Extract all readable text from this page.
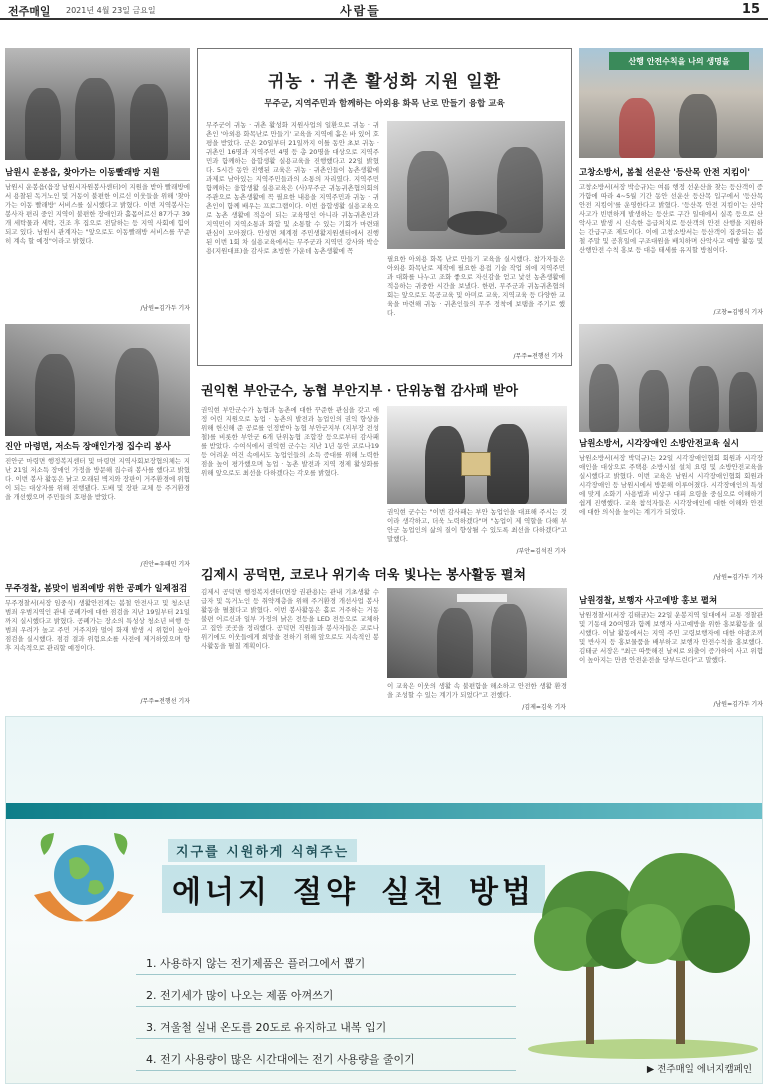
전주매일 2021년 4월 23일 금요일	사람들	15
남원시 운봉읍, 찾아가는 이동빨래방 지원
남원시 운봉읍(읍장 남원시자원봉사센터)이 지원을 받아 빨래방에서 용찰된 독거노인 및 거동이 불편한 이르신 이웃들을 위해 '찾아가는 이동 빨래방' 서비스를 실시했다고 밝혔다. 이번 지역봉사는 봉사자 편리 중인 지역이 불편한 장애인과 홀몸어르신 87가구 39개 세탁물과 세탁, 건조 후 집으로 전달하는 등 지역 사회에 힘이 되고 있다. 남원시 관계자는 "앞으로도 이동빨래방 서비스를 꾸준히 계속 할 예정"이라고 밝혔다.
/남원=김가두 기자
진안 마령면, 저소득 장애인가정 집수리 봉사
진안군 마령면 행정복지센터 및 마령면 지역사회보장협의체는 지난 21일 저소득 장애인 가정을 방문해 집수리 봉사를 했다고 밝혔다. 이번 봉사 활동은 낡고 오래된 벽지와 장판이 거주환경에 위협이 되는 대상자를 위해 진행됐다. 도배 및 장판 교체 등 주거환경을 개선했으며 주민들의 호평을 받았다.
/진안=우태민 기자
무주경찰, 봄맞이 범죄예방 위한 공폐가 일제점검
무주경찰서(서장 임중식) 생활안전계는 봄철 안전사고 및 청소년 범죄 우범지역인 관내 공폐가에 대한 점검을 지난 19일부터 21일까지 실시했다고 밝혔다. 공폐가는 장소의 특성상 청소년 비행 등 범죄 우려가 높고 주민 거주지와 멀어 화재 발생 시 위험이 높아 점검을 실시했다. 점검 결과 위험요소를 사전에 제거하였으며 향후 지속적으로 관리할 예정이다.
/무주=전행선 기자
귀농 · 귀촌 활성화 지원 일환
무주군, 지역주민과 함께하는 아외용 화목 난로 만들기 융합 교육
무주군이 귀농 · 귀촌 활성화 지원사업의 일환으로 귀농 · 귀촌인 '아외용 화목난로 만들기' 교육을 지역에 흩은 바 있어 호평을 받았다. 군은 20일부터 21일까지 이틀 동안 초보 귀농 · 귀촌인 16명과 지역주민 4명 등 총 20명을 대상으로 지역주민과 함께하는 융합생활 실용교육을 진행했다고 22일 밝혔다. 5시간 동안 진행된 교육은 귀농 · 귀촌인들이 농촌생활에 과제로 남아있는 지역주민들과의 소통의 자리였다. 지역주민 함께하는 융합생활 실용교육은 (사)무주군 귀농귀촌협의회의 주관으로 농촌생활에 꼭 필요한 내용을 지역주민과 귀농 · 귀촌인이 함께 배우는 프로그램이다. 이번 융합생활 실용교육으로 농촌 생활에 적응이 되는 교육명인 아니라 귀농귀촌인과 지역민이 지역소통과 화합 및 소통할 수 있는 기회가 마련돼 관심이 모아졌다. 안성면 체계점 주민생활지원센터에서 진행된 이번 1회 차 실용교육에서는 무주군과 지역민 강사와 박승용(지원대표)을 감사로 초빙한 가운데 농촌생활에 꼭
필요한 아외용 화목 난로 만들기 교육을 실시했다. 참가자들은 아외용 화목난로 제작에 필요한 용접 기술 작업 외에 지역주민과 대화를 나누고 조화 좋으로 자신감을 얻고 낯선 농촌생활에 적응하는 귀중한 시간을 보냈다. 한편, 무주군과 귀농귀촌협의회는 앞으로도 목공교육 및 아미로 교육, 지역교육 등 다양한 교육을 마련해 귀농 · 귀촌인들의 무주 정착에 보탬을 주기로 했다.
/무주=전행선 기자
권익현 부안군수, 농협 부안지부 · 단위농협 감사패 받아
권익현 부안군수가 농협과 농촌에 대한 꾸준한 관심을 갖고 애정 어린 지원으로 농업 · 농촌의 발전과 농업인의 권익 향상을 위해 헌신해 준 공로를 인정받아 농협 부안군지부 (지부장 전성철)를 비롯한 부안군 6개 단위농협 조합장 등으로부터 감사패를 받았다. 수여식에서 권익현 군수는 지난 1년 동안 코로나19 등 어려운 여건 속에서도 농업인들의 소득 증대를 위해 노력한 점을 높이 평가했으며 농업 · 농촌 발전과 지역 경제 활성화를 위해 앞으로도 최선을 다하겠다는 각오를 밝혔다.
권익현 군수는 "이번 감사패는 부안 농업인을 대표해 주시는 것이라 생각하고, 더욱 노력하겠다"며 "농업이 제 역할을 다해 부안군 농업인의 삶의 질이 향상될 수 있도록 최선을 다하겠다"고 말했다.
/부안=김석진 기자
김제시 공덕면, 코로나 위기속 더욱 빛나는 봉사활동 펼쳐
김제시 공덕면 행정복지센터(면장 권관용)는 관내 기초생활 수급자 및 독거노인 등 취약계층을 위해 주거환경 개선사업 봉사활동을 펼쳤다고 밝혔다. 이번 봉사활동은 홀로 거주하는 거동 불편 어르신과 일부 가정의 낡은 전등을 LED 전등으로 교체하고 집안 곳곳을 정리했다. 공덕면 직원들과 봉사자들은 코로나 위기에도 이웃들에게 희망을 전하기 위해 앞으로도 지속적인 봉사활동을 펼칠 계획이다.
이 교육은 이웃의 생활 속 불편함을 해소하고 안전한 생활 환경을 조성할 수 있는 계기가 되었다"고 전했다.
/김제=김욱 기자
산행 안전수칙을 나의 생명을
고창소방서, 봄철 선운산 '등산목 안전 지킴이'
고창소방서(서장 박승규)는 여름 행정 선운산을 찾는 등산객이 증가함에 따라 4~5월 기간 동안 선운산 등산목 입구에서 '등산목 안전 지킴이'를 운영한다고 밝혔다. '등산목 안전 지킴이'는 산악사고가 빈번하게 발생하는 등산로 구간 일대에서 실족 등으로 산악사고 발생 시 신속한 응급처치로 등산객의 안전 산행을 지원하는 간급구조 제도이다. 이에 고창소방서는 등산객이 집중되는 봄철 주말 및 공휴일에 구조대원을 배치하며 산악사고 예방 활동 및 산행안전 수칙 홍보 등 대응 태세를 유지할 방침이다.
/고창=김병식 기자
남원소방서, 시각장애인 소방안전교육 실시
남원소방서(서장 박덕규)는 22일 시각장애인협회 회원과 시각장애인을 대상으로 주택용 소방시설 설치 요령 및 소방안전교육을 실시했다고 밝혔다. 이번 교육은 남원시 시각장애인협회 회원과 시각장애인 등 남원시에서 방문해 이루어졌다. 시각장애인의 특성에 맞게 소화기 사용법과 비상구 대피 요령을 중심으로 이해하기 쉽게 진행했다. 교육 참석자들은 시각장애인에 대한 이해와 안전에 대한 의식을 높이는 계기가 되었다.
/남원=김가두 기자
남원경찰, 보행자 사고예방 홍보 펼쳐
남원경찰서(서장 김태균)는 22일 운봉지역 일대에서 교통 경찰관 및 기동대 20여명과 함께 보행자 사고예방을 위한 홍보활동을 실시했다. 이날 활동에서는 지역 주민 고령보행자에 대한 야광조끼 및 반사지 등 홍보물품을 배부하고 보행자 안전수칙을 홍보했다. 김태균 서장은 "최근 따뜻해진 날씨로 외출이 증가하여 사고 위험이 높아지는 만큼 안전운전을 당부드린다"고 말했다.
/남원=김가두 기자
지구를 시원하게 식혀주는
에너지 절약 실천 방법
1. 사용하지 않는 전기제품은 플러그에서 뽑기
2. 전기세가 많이 나오는 제품 아껴쓰기
3. 겨울철 실내 온도를 20도로 유지하고 내복 입기
4. 전기 사용량이 많은 시간대에는 전기 사용량을 줄이기
▶ 전주매일 에너지캠페인
